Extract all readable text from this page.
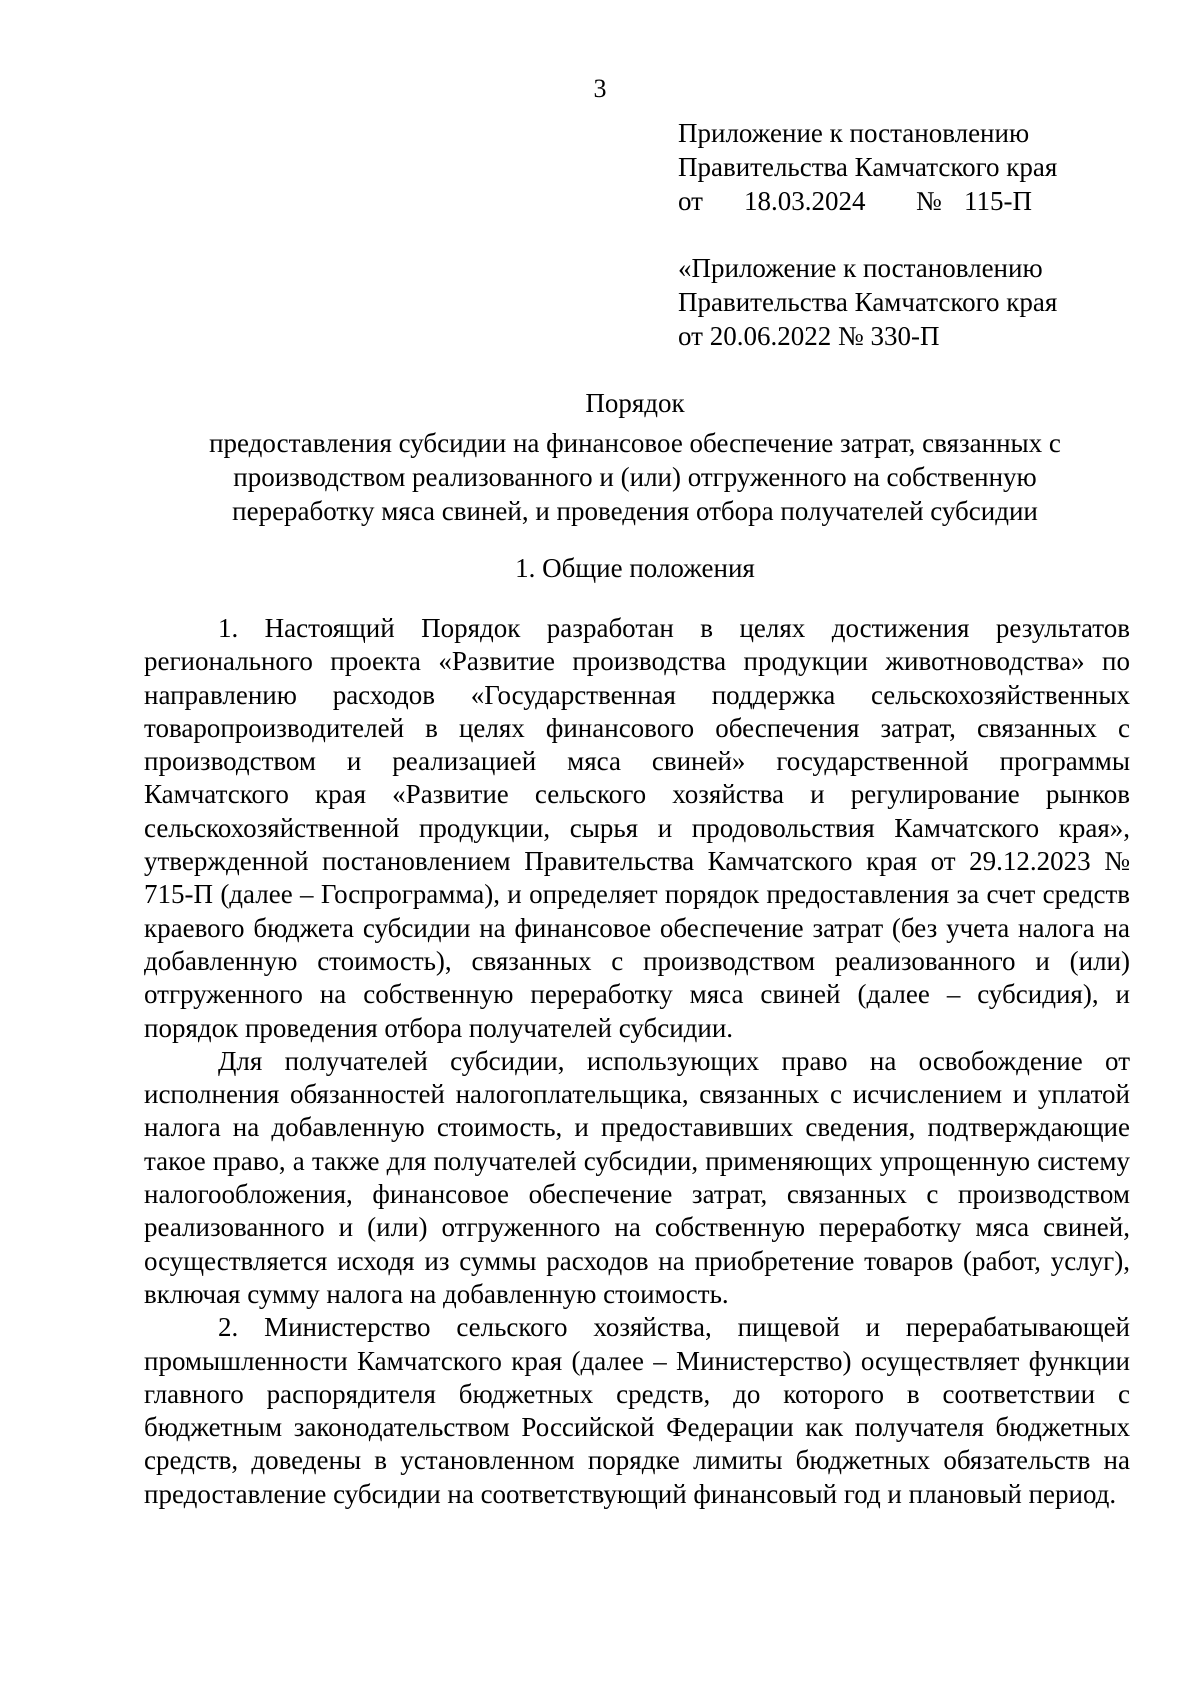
3
Приложение к постановлению
Правительства Камчатского края
от 18.03.2024 № 115-П
«Приложение к постановлению
Правительства Камчатского края
от 20.06.2022 № 330-П
Порядок
предоставления субсидии на финансовое обеспечение затрат, связанных с
производством реализованного и (или) отгруженного на собственную
переработку мяса свиней, и проведения отбора получателей субсидии
1. Общие положения

1. Настоящий Порядок разработан в целях достижения результатов регионального проекта «Развитие производства продукции животноводства» по направлению расходов «Государственная поддержка сельскохозяйственных товаропроизводителей в целях финансового обеспечения затрат, связанных с производством и реализацией мяса свиней» государственной программы Камчатского края «Развитие сельского хозяйства и регулирование рынков сельскохозяйственной продукции, сырья и продовольствия Камчатского края», утвержденной постановлением Правительства Камчатского края от 29.12.2023 № 715-П (далее – Госпрограмма), и определяет порядок предоставления за счет средств краевого бюджета субсидии на финансовое обеспечение затрат (без учета налога на добавленную стоимость), связанных с производством реализованного и (или) отгруженного на собственную переработку мяса свиней (далее – субсидия), и порядок проведения отбора получателей субсидии.

Для получателей субсидии, использующих право на освобождение от исполнения обязанностей налогоплательщика, связанных с исчислением и уплатой налога на добавленную стоимость, и предоставивших сведения, подтверждающие такое право, а также для получателей субсидии, применяющих упрощенную систему налогообложения, финансовое обеспечение затрат, связанных с производством реализованного и (или) отгруженного на собственную переработку мяса свиней, осуществляется исходя из суммы расходов на приобретение товаров (работ, услуг), включая сумму налога на добавленную стоимость.

2. Министерство сельского хозяйства, пищевой и перерабатывающей промышленности Камчатского края (далее – Министерство) осуществляет функции главного распорядителя бюджетных средств, до которого в соответствии с бюджетным законодательством Российской Федерации как получателя бюджетных средств, доведены в установленном порядке лимиты бюджетных обязательств на предоставление субсидии на соответствующий финансовый год и плановый период.
